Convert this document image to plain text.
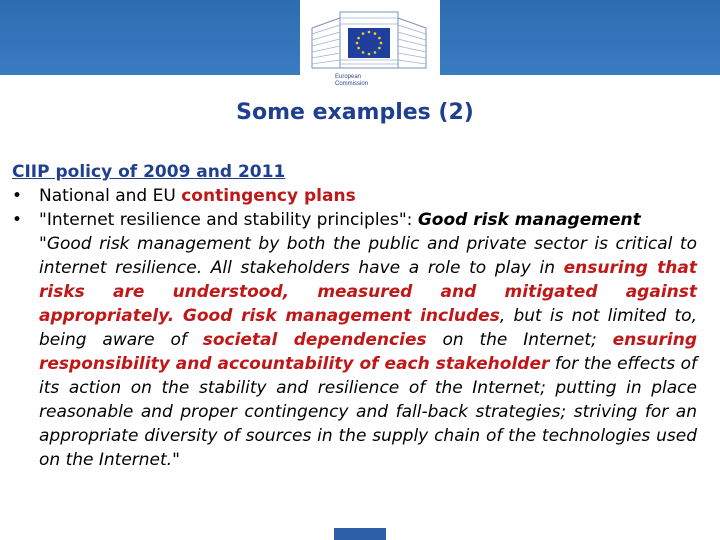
European
Commission
Some examples (2)
CIIP policy of 2009 and 2011
• National and EU contingency plans
• "Internet resilience and stability principles": Good risk management
"Good risk management by both the public and private sector is critical to internet resilience. All stakeholders have a role to play in ensuring that risks are understood, measured and mitigated against appropriately. Good risk management includes, but is not limited to, being aware of societal dependencies on the Internet; ensuring responsibility and accountability of each stakeholder for the effects of its action on the stability and resilience of the Internet; putting in place reasonable and proper contingency and fall-back strategies; striving for an appropriate diversity of sources in the supply chain of the technologies used on the Internet."
